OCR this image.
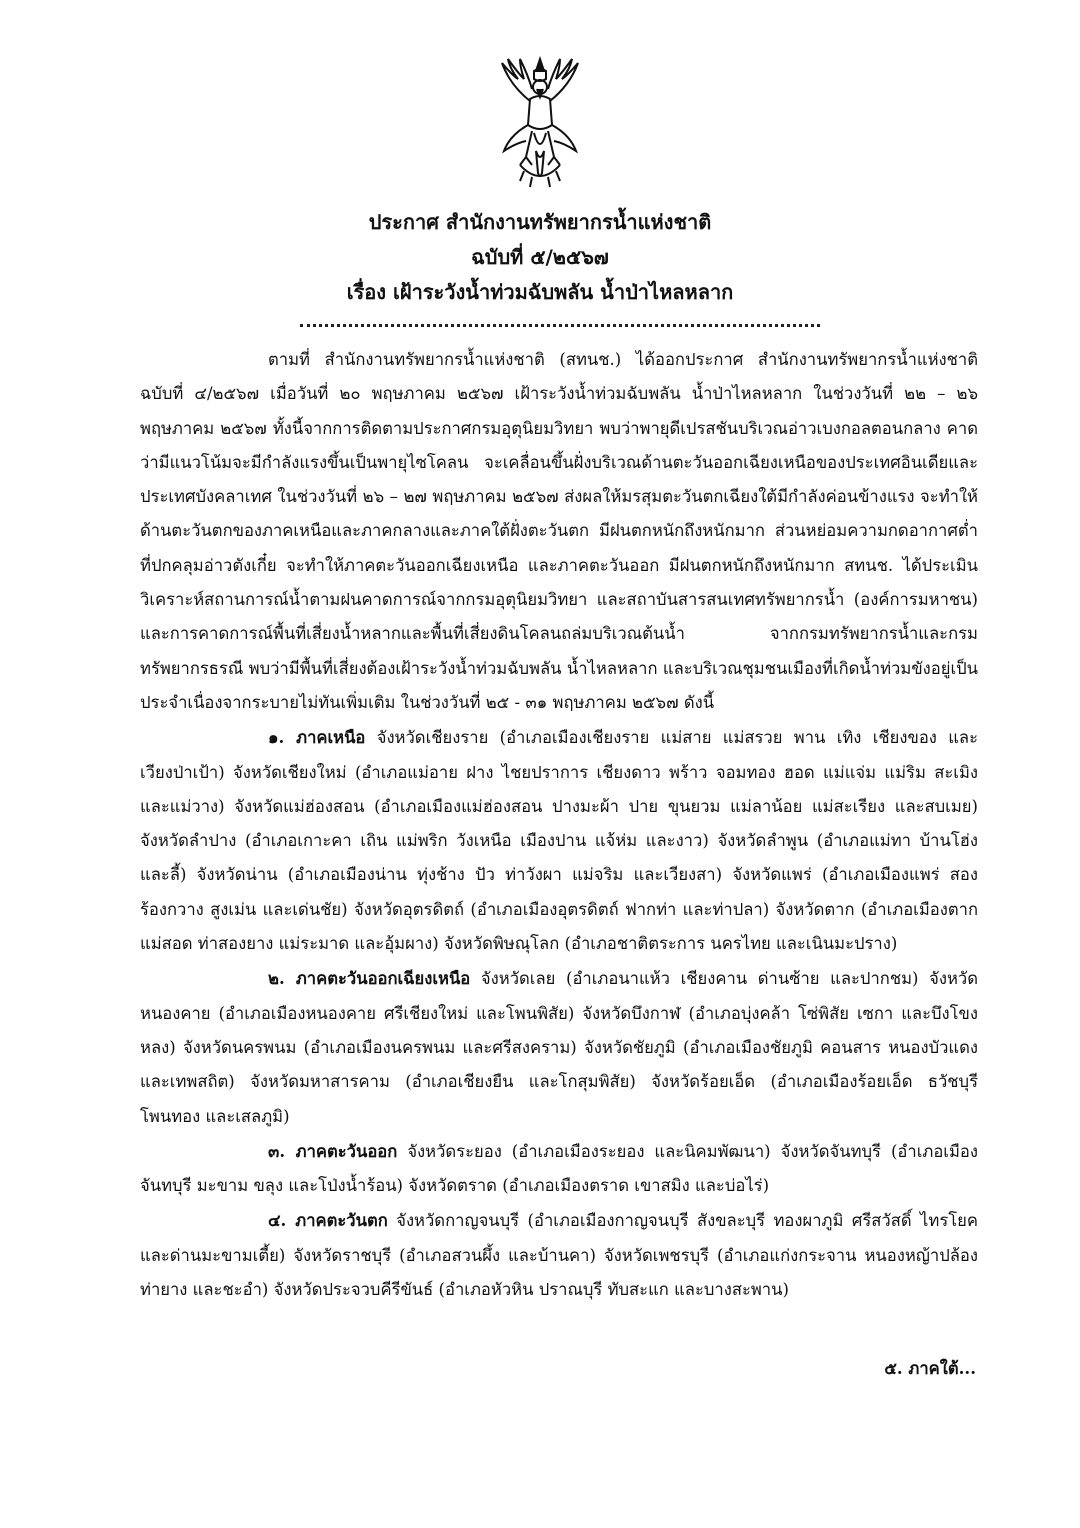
ประกาศ สำนักงานทรัพยากรน้ำแห่งชาติ
ฉบับที่ ๕/๒๕๖๗
เรื่อง เฝ้าระวังน้ำท่วมฉับพลัน น้ำป่าไหลหลาก

ตามที่ สำนักงานทรัพยากรน้ำแห่งชาติ (สทนช.) ได้ออกประกาศ สำนักงานทรัพยากรน้ำแห่งชาติ ฉบับที่ ๔/๒๕๖๗ เมื่อวันที่ ๒๐ พฤษภาคม ๒๕๖๗ เฝ้าระวังน้ำท่วมฉับพลัน น้ำป่าไหลหลาก ในช่วงวันที่ ๒๒ – ๒๖ พฤษภาคม ๒๕๖๗ ทั้งนี้จากการติดตามประกาศกรมอุตุนิยมวิทยา พบว่าพายุดีเปรสชันบริเวณอ่าวเบงกอลตอนกลาง คาดว่ามีแนวโน้มจะมีกำลังแรงขึ้นเป็นพายุไซโคลน จะเคลื่อนขึ้นฝั่งบริเวณด้านตะวันออกเฉียงเหนือของประเทศอินเดียและประเทศบังคลาเทศ ในช่วงวันที่ ๒๖ – ๒๗ พฤษภาคม ๒๕๖๗ ส่งผลให้มรสุมตะวันตกเฉียงใต้มีกำลังค่อนข้างแรง จะทำให้ด้านตะวันตกของภาคเหนือและภาคกลางและภาคใต้ฝั่งตะวันตก มีฝนตกหนักถึงหนักมาก ส่วนหย่อมความกดอากาศต่ำที่ปกคลุมอ่าวตังเกี๋ย จะทำให้ภาคตะวันออกเฉียงเหนือ และภาคตะวันออก มีฝนตกหนักถึงหนักมาก สทนช. ได้ประเมินวิเคราะห์สถานการณ์น้ำตามฝนคาดการณ์จากกรมอุตุนิยมวิทยา และสถาบันสารสนเทศทรัพยากรน้ำ (องค์การมหาชน) และการคาดการณ์พื้นที่เสี่ยงน้ำหลากและพื้นที่เสี่ยงดินโคลนถล่มบริเวณต้นน้ำ จากกรมทรัพยากรน้ำและกรมทรัพยากรธรณี พบว่ามีพื้นที่เสี่ยงต้องเฝ้าระวังน้ำท่วมฉับพลัน น้ำไหลหลาก และบริเวณชุมชนเมืองที่เกิดน้ำท่วมขังอยู่เป็นประจำเนื่องจากระบายไม่ทันเพิ่มเติม ในช่วงวันที่ ๒๕ - ๓๑ พฤษภาคม ๒๕๖๗ ดังนี้

๑. ภาคเหนือ จังหวัดเชียงราย (อำเภอเมืองเชียงราย แม่สาย แม่สรวย พาน เทิง เชียงของ และเวียงป่าเป้า) จังหวัดเชียงใหม่ (อำเภอแม่อาย ฝาง ไชยปราการ เชียงดาว พร้าว จอมทอง ฮอด แม่แจ่ม แม่ริม สะเมิง และแม่วาง) จังหวัดแม่ฮ่องสอน (อำเภอเมืองแม่ฮ่องสอน ปางมะผ้า ปาย ขุนยวม แม่ลาน้อย แม่สะเรียง และสบเมย) จังหวัดลำปาง (อำเภอเกาะคา เถิน แม่พริก วังเหนือ เมืองปาน แจ้ห่ม และงาว) จังหวัดลำพูน (อำเภอแม่ทา บ้านโฮ่ง และลี้) จังหวัดน่าน (อำเภอเมืองน่าน ทุ่งช้าง ปัว ท่าวังผา แม่จริม และเวียงสา) จังหวัดแพร่ (อำเภอเมืองแพร่ สอง ร้องกวาง สูงเม่น และเด่นชัย) จังหวัดอุตรดิตถ์ (อำเภอเมืองอุตรดิตถ์ ฟากท่า และท่าปลา) จังหวัดตาก (อำเภอเมืองตาก แม่สอด ท่าสองยาง แม่ระมาด และอุ้มผาง) จังหวัดพิษณุโลก (อำเภอชาติตระการ นครไทย และเนินมะปราง)

๒. ภาคตะวันออกเฉียงเหนือ จังหวัดเลย (อำเภอนาแห้ว เชียงคาน ด่านซ้าย และปากชม) จังหวัดหนองคาย (อำเภอเมืองหนองคาย ศรีเชียงใหม่ และโพนพิสัย) จังหวัดบึงกาฬ (อำเภอบุ่งคล้า โซ่พิสัย เซกา และบึงโขงหลง) จังหวัดนครพนม (อำเภอเมืองนครพนม และศรีสงคราม) จังหวัดชัยภูมิ (อำเภอเมืองชัยภูมิ คอนสาร หนองบัวแดง และเทพสถิต) จังหวัดมหาสารคาม (อำเภอเชียงยืน และโกสุมพิสัย) จังหวัดร้อยเอ็ด (อำเภอเมืองร้อยเอ็ด ธวัชบุรี โพนทอง และเสลภูมิ)

๓. ภาคตะวันออก จังหวัดระยอง (อำเภอเมืองระยอง และนิคมพัฒนา) จังหวัดจันทบุรี (อำเภอเมืองจันทบุรี มะขาม ขลุง และโป่งน้ำร้อน) จังหวัดตราด (อำเภอเมืองตราด เขาสมิง และบ่อไร่)

๔. ภาคตะวันตก จังหวัดกาญจนบุรี (อำเภอเมืองกาญจนบุรี สังขละบุรี ทองผาภูมิ ศรีสวัสดิ์ ไทรโยค และด่านมะขามเตี้ย) จังหวัดราชบุรี (อำเภอสวนผึ้ง และบ้านคา) จังหวัดเพชรบุรี (อำเภอแก่งกระจาน หนองหญ้าปล้อง ท่ายาง และชะอำ) จังหวัดประจวบคีรีขันธ์ (อำเภอหัวหิน ปราณบุรี ทับสะแก และบางสะพาน)

๕. ภาคใต้...
